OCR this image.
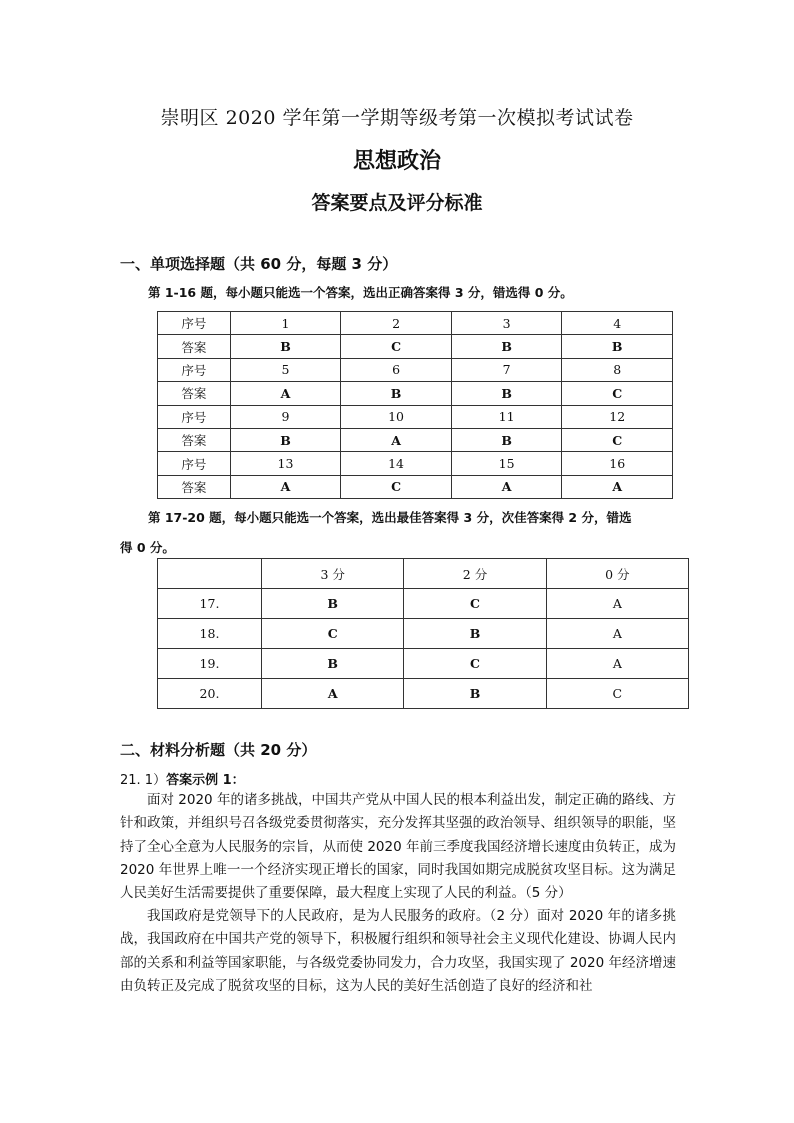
崇明区 2020 学年第一学期等级考第一次模拟考试试卷
思想政治
答案要点及评分标准
一、单项选择题（共 60 分，每题 3 分）
第 1-16 题，每小题只能选一个答案，选出正确答案得 3 分，错选得 0 分。
序号	1	2	3	4
答案	B	C	B	B
序号	5	6	7	8
答案	A	B	B	C
序号	9	10	11	12
答案	B	A	B	C
序号	13	14	15	16
答案	A	C	A	A
第 17-20 题，每小题只能选一个答案，选出最佳答案得 3 分，次佳答案得 2 分，错选
得 0 分。
	3 分	2 分	0 分
17.	B	C	A
18.	C	B	A
19.	B	C	A
20.	A	B	C
二、材料分析题（共 20 分）
21. 1）答案示例 1：
面对 2020 年的诸多挑战，中国共产党从中国人民的根本利益出发，制定正确的路线、方针和政策，并组织号召各级党委贯彻落实，充分发挥其坚强的政治领导、组织领导的职能，坚持了全心全意为人民服务的宗旨，从而使 2020 年前三季度我国经济增长速度由负转正，成为 2020 年世界上唯一一个经济实现正增长的国家，同时我国如期完成脱贫攻坚目标。这为满足人民美好生活需要提供了重要保障，最大程度上实现了人民的利益。（5 分）
我国政府是党领导下的人民政府，是为人民服务的政府。（2 分）面对 2020 年的诸多挑战，我国政府在中国共产党的领导下，积极履行组织和领导社会主义现代化建设、协调人民内部的关系和利益等国家职能，与各级党委协同发力，合力攻坚，我国实现了 2020 年经济增速由负转正及完成了脱贫攻坚的目标，这为人民的美好生活创造了良好的经济和社
